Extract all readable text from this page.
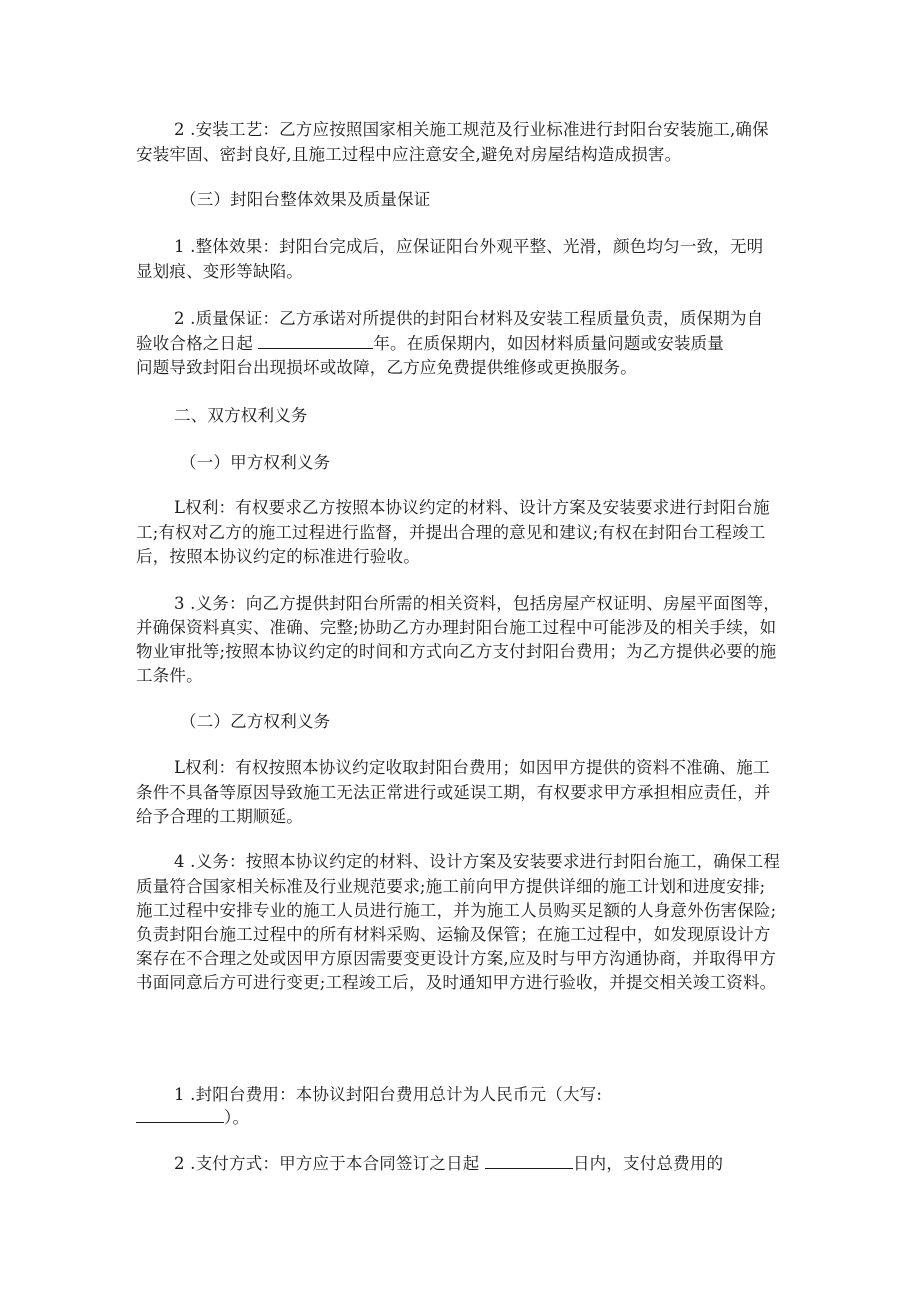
2 .安装工艺：乙方应按照国家相关施工规范及行业标准进行封阳台安装施工,确保
安装牢固、密封良好,且施工过程中应注意安全,避免对房屋结构造成损害。
（三）封阳台整体效果及质量保证
1 .整体效果：封阳台完成后，应保证阳台外观平整、光滑，颜色均匀一致，无明
显划痕、变形等缺陷。
2 .质量保证：乙方承诺对所提供的封阳台材料及安装工程质量负责，质保期为自
验收合格之日起	年。在质保期内，如因材料质量问题或安装质量
问题导致封阳台出现损坏或故障，乙方应免费提供维修或更换服务。
二、双方权利义务
（一）甲方权利义务
L权利：有权要求乙方按照本协议约定的材料、设计方案及安装要求进行封阳台施
工;有权对乙方的施工过程进行监督，并提出合理的意见和建议;有权在封阳台工程竣工
后，按照本协议约定的标准进行验收。
3 .义务：向乙方提供封阳台所需的相关资料，包括房屋产权证明、房屋平面图等，
并确保资料真实、准确、完整;协助乙方办理封阳台施工过程中可能涉及的相关手续，如
物业审批等;按照本协议约定的时间和方式向乙方支付封阳台费用；为乙方提供必要的施
工条件。
（二）乙方权利义务
L权利：有权按照本协议约定收取封阳台费用；如因甲方提供的资料不准确、施工
条件不具备等原因导致施工无法正常进行或延误工期，有权要求甲方承担相应责任，并
给予合理的工期顺延。
4 .义务：按照本协议约定的材料、设计方案及安装要求进行封阳台施工，确保工程
质量符合国家相关标准及行业规范要求;施工前向甲方提供详细的施工计划和进度安排;
施工过程中安排专业的施工人员进行施工，并为施工人员购买足额的人身意外伤害保险;
负责封阳台施工过程中的所有材料采购、运输及保管；在施工过程中，如发现原设计方
案存在不合理之处或因甲方原因需要变更设计方案,应及时与甲方沟通协商，并取得甲方
书面同意后方可进行变更;工程竣工后，及时通知甲方进行验收，并提交相关竣工资料。
1 .封阳台费用：本协议封阳台费用总计为人民币元（大写:
）。
2 .支付方式：甲方应于本合同签订之日起	日内，支付总费用的
